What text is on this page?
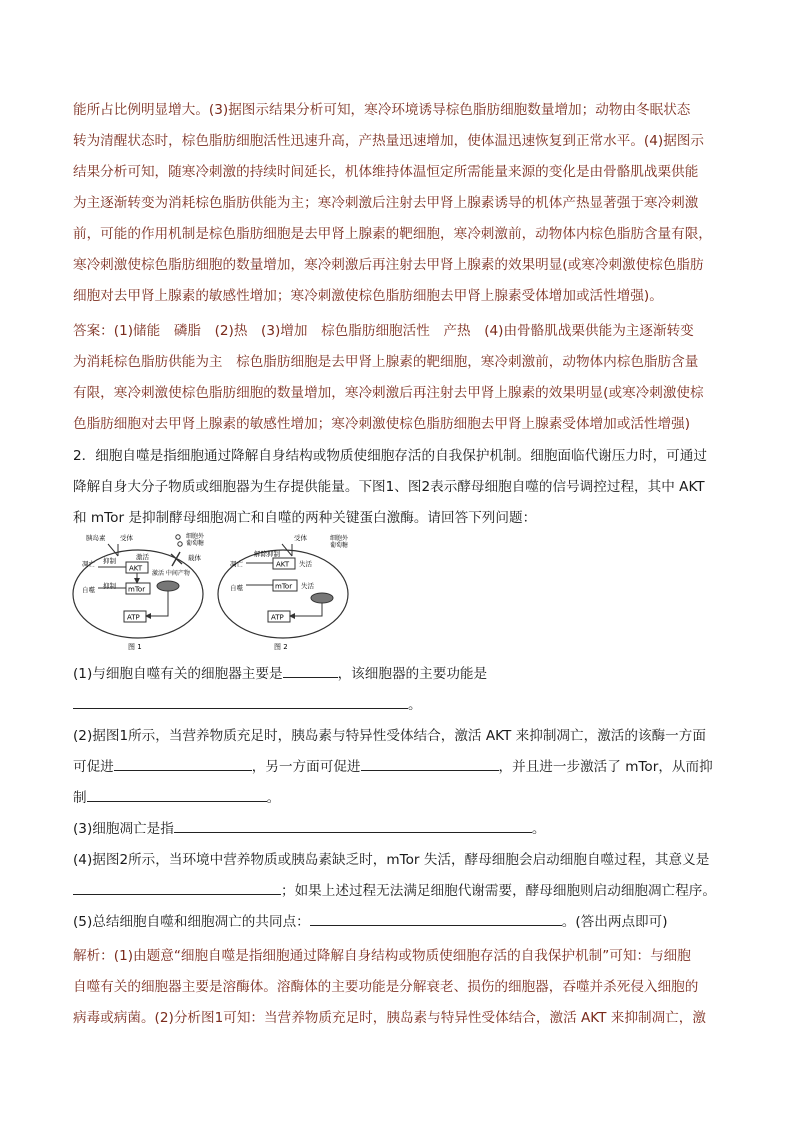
能所占比例明显增大。(3)据图示结果分析可知，寒冷环境诱导棕色脂肪细胞数量增加；动物由冬眠状态
转为清醒状态时，棕色脂肪细胞活性迅速升高，产热量迅速增加，使体温迅速恢复到正常水平。(4)据图示
结果分析可知，随寒冷刺激的持续时间延长，机体维持体温恒定所需能量来源的变化是由骨骼肌战栗供能
为主逐渐转变为消耗棕色脂肪供能为主；寒冷刺激后注射去甲肾上腺素诱导的机体产热显著强于寒冷刺激
前，可能的作用机制是棕色脂肪细胞是去甲肾上腺素的靶细胞，寒冷刺激前，动物体内棕色脂肪含量有限，
寒冷刺激使棕色脂肪细胞的数量增加，寒冷刺激后再注射去甲肾上腺素的效果明显(或寒冷刺激使棕色脂肪
细胞对去甲肾上腺素的敏感性增加；寒冷刺激使棕色脂肪细胞去甲肾上腺素受体增加或活性增强)。
答案：(1)储能　磷脂　(2)热　(3)增加　棕色脂肪细胞活性　产热　(4)由骨骼肌战栗供能为主逐渐转变
为消耗棕色脂肪供能为主　棕色脂肪细胞是去甲肾上腺素的靶细胞，寒冷刺激前，动物体内棕色脂肪含量
有限，寒冷刺激使棕色脂肪细胞的数量增加，寒冷刺激后再注射去甲肾上腺素的效果明显(或寒冷刺激使棕
色脂肪细胞对去甲肾上腺素的敏感性增加；寒冷刺激使棕色脂肪细胞去甲肾上腺素受体增加或活性增强)
2．细胞自噬是指细胞通过降解自身结构或物质使细胞存活的自我保护机制。细胞面临代谢压力时，可通过
降解自身大分子物质或细胞器为生存提供能量。下图1、图2表示酵母细胞自噬的信号调控过程，其中 AKT
和 mTor 是抑制酵母细胞凋亡和自噬的两种关键蛋白激酶。请回答下列问题：
胰岛素 受体	细胞外
葡萄糖
载体
凋亡 抑制	激活
AKT
激活 中间产物
自噬 抑制 mTor
ATP
图 1
受体	细胞外
葡萄糖
解除抑制
凋亡	AKT 失活
自噬	mTor 失活
ATP
图 2
(1)与细胞自噬有关的细胞器主要是	，该细胞器的主要功能是
。
(2)据图1所示，当营养物质充足时，胰岛素与特异性受体结合，激活 AKT 来抑制凋亡，激活的该酶一方面
可促进	，另一方面可促进	，并且进一步激活了 mTor，从而抑
制	。
(3)细胞凋亡是指	。
(4)据图2所示，当环境中营养物质或胰岛素缺乏时，mTor 失活，酵母细胞会启动细胞自噬过程，其意义是
；如果上述过程无法满足细胞代谢需要，酵母细胞则启动细胞凋亡程序。
(5)总结细胞自噬和细胞凋亡的共同点：	。(答出两点即可)
解析：(1)由题意“细胞自噬是指细胞通过降解自身结构或物质使细胞存活的自我保护机制”可知：与细胞
自噬有关的细胞器主要是溶酶体。溶酶体的主要功能是分解衰老、损伤的细胞器，吞噬并杀死侵入细胞的
病毒或病菌。(2)分析图1可知：当营养物质充足时，胰岛素与特异性受体结合，激活 AKT 来抑制凋亡，激
